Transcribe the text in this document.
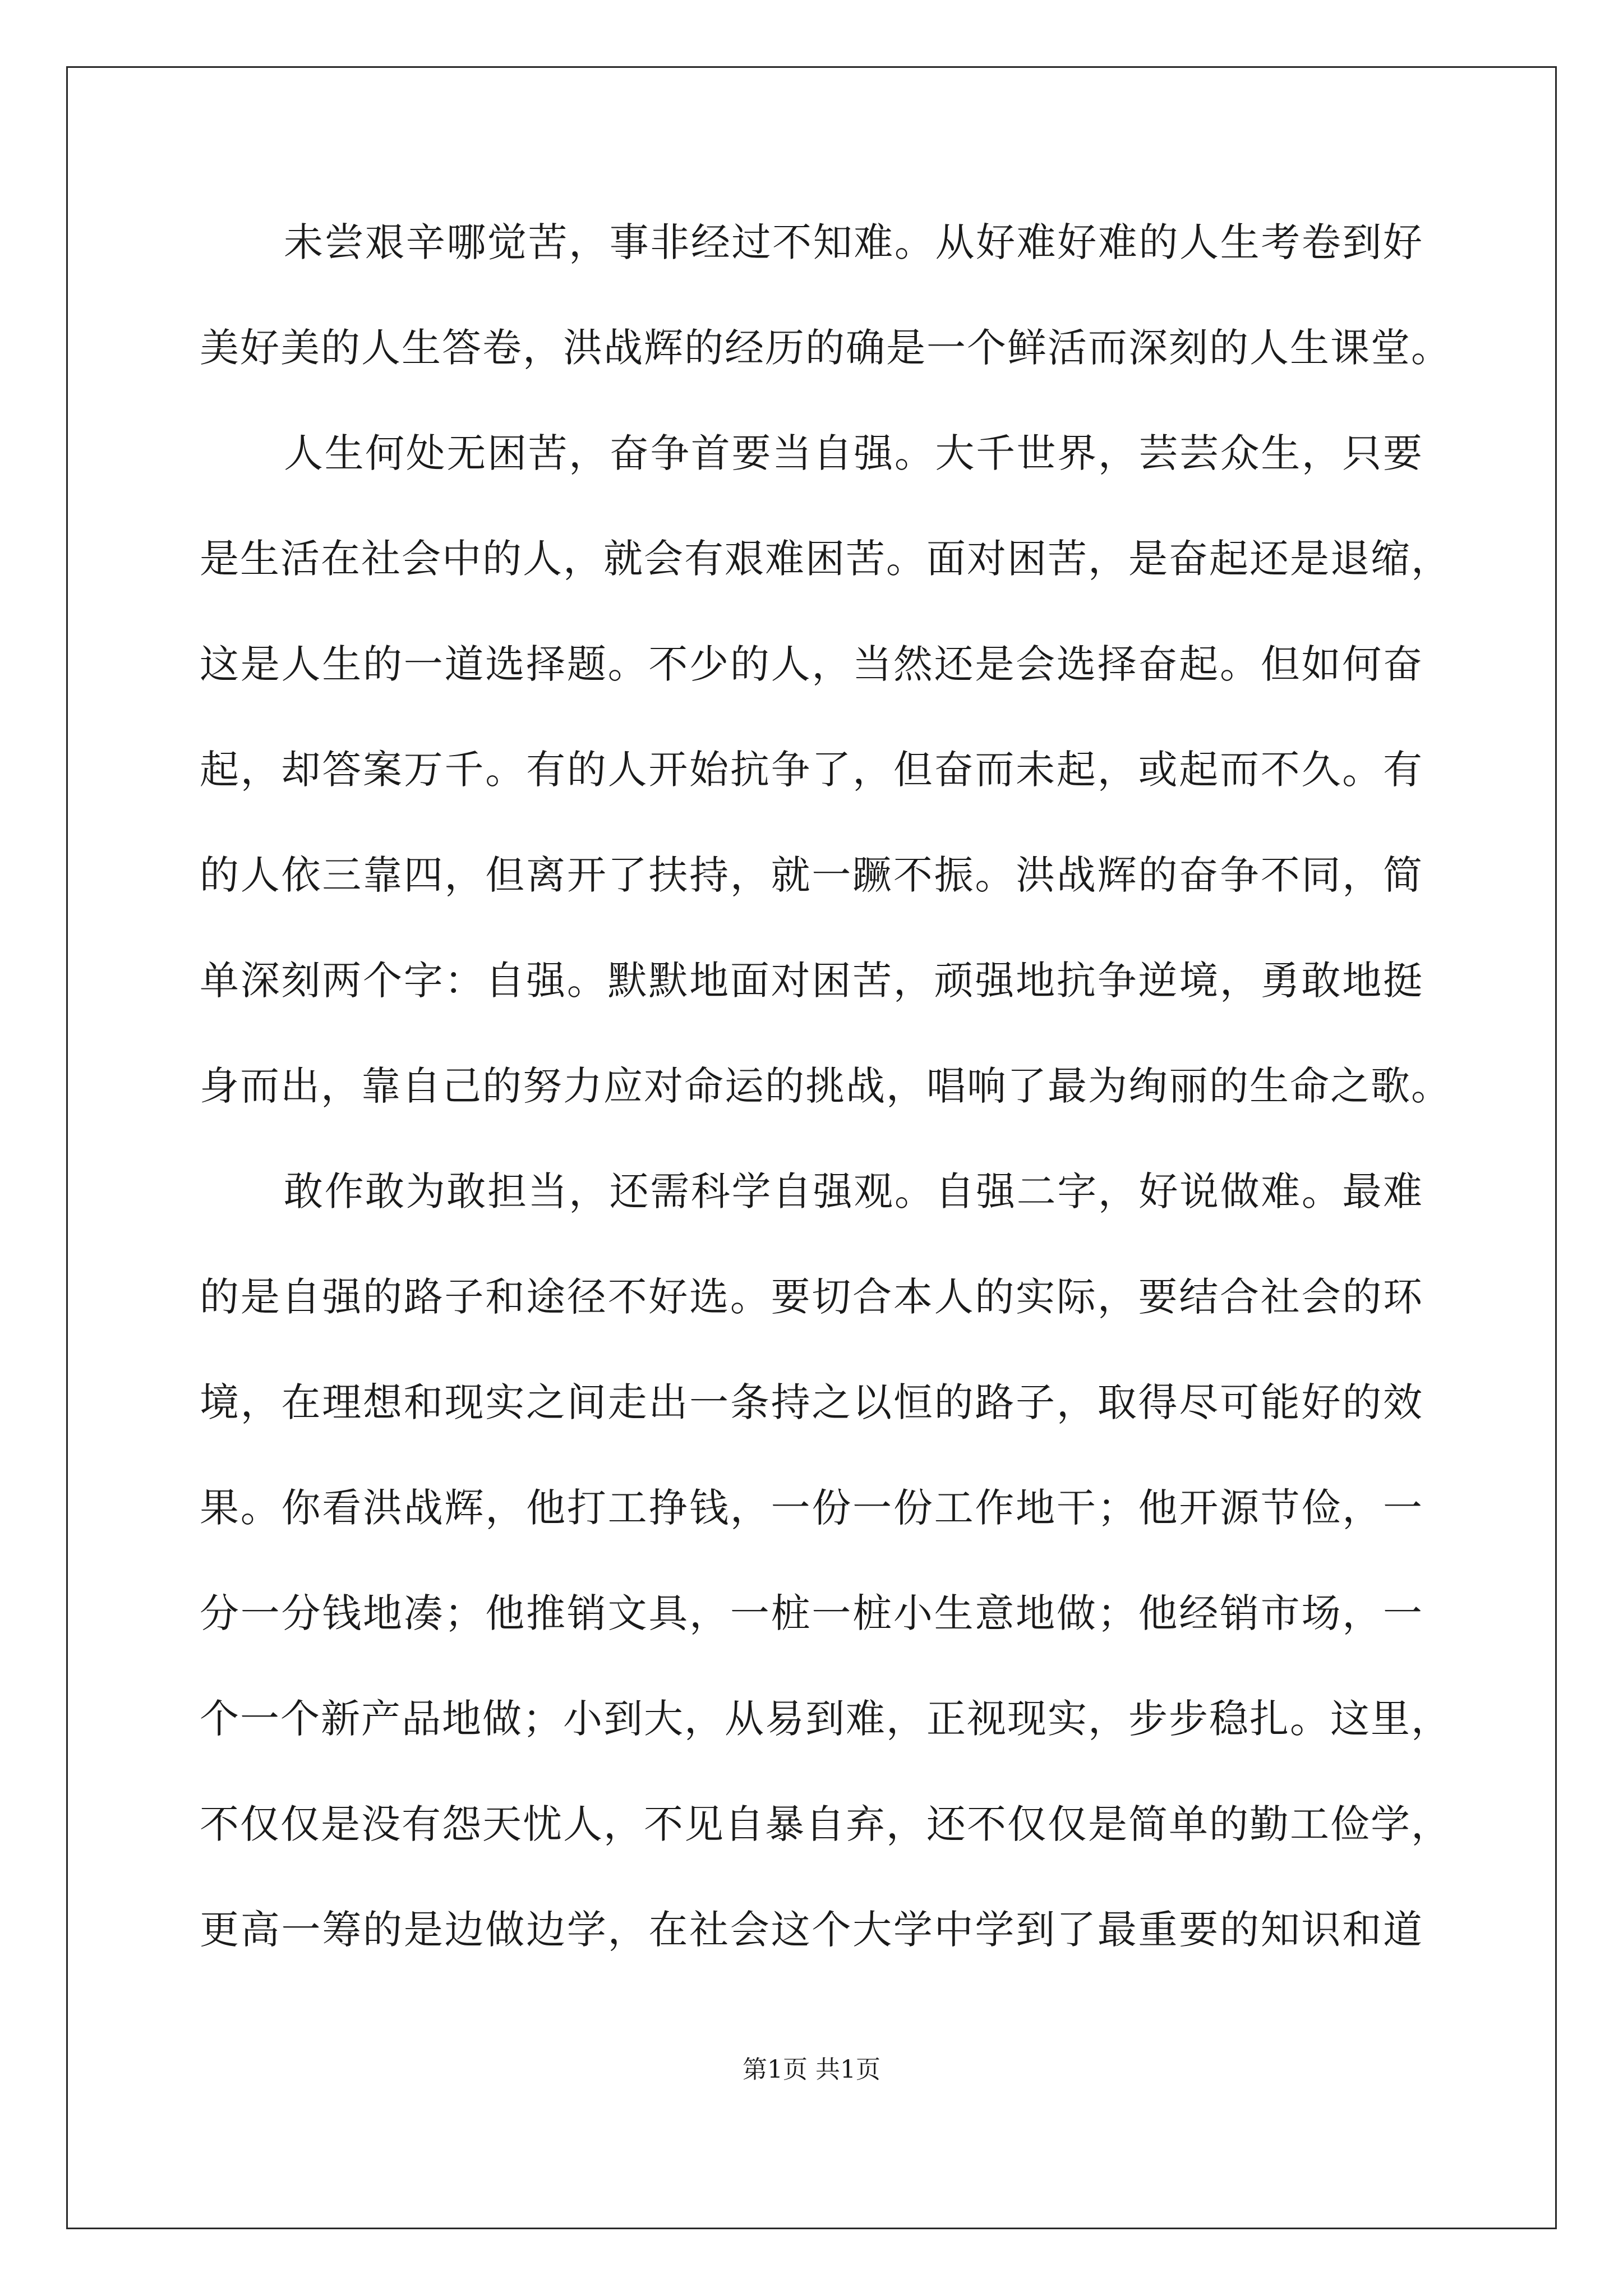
未尝艰辛哪觉苦，事非经过不知难。从好难好难的人生考卷到好
美好美的人生答卷，洪战辉的经历的确是一个鲜活而深刻的人生课堂。
人生何处无困苦，奋争首要当自强。大千世界，芸芸众生，只要
是生活在社会中的人，就会有艰难困苦。面对困苦，是奋起还是退缩，
这是人生的一道选择题。不少的人，当然还是会选择奋起。但如何奋
起，却答案万千。有的人开始抗争了，但奋而未起，或起而不久。有
的人依三靠四，但离开了扶持，就一蹶不振。洪战辉的奋争不同，简
单深刻两个字：自强。默默地面对困苦，顽强地抗争逆境，勇敢地挺
身而出，靠自己的努力应对命运的挑战，唱响了最为绚丽的生命之歌。
敢作敢为敢担当，还需科学自强观。自强二字，好说做难。最难
的是自强的路子和途径不好选。要切合本人的实际，要结合社会的环
境，在理想和现实之间走出一条持之以恒的路子，取得尽可能好的效
果。你看洪战辉，他打工挣钱，一份一份工作地干；他开源节俭，一
分一分钱地凑；他推销文具，一桩一桩小生意地做；他经销市场，一
个一个新产品地做；小到大，从易到难，正视现实，步步稳扎。这里，
不仅仅是没有怨天忧人，不见自暴自弃，还不仅仅是简单的勤工俭学，
更高一筹的是边做边学，在社会这个大学中学到了最重要的知识和道
第1页 共1页
